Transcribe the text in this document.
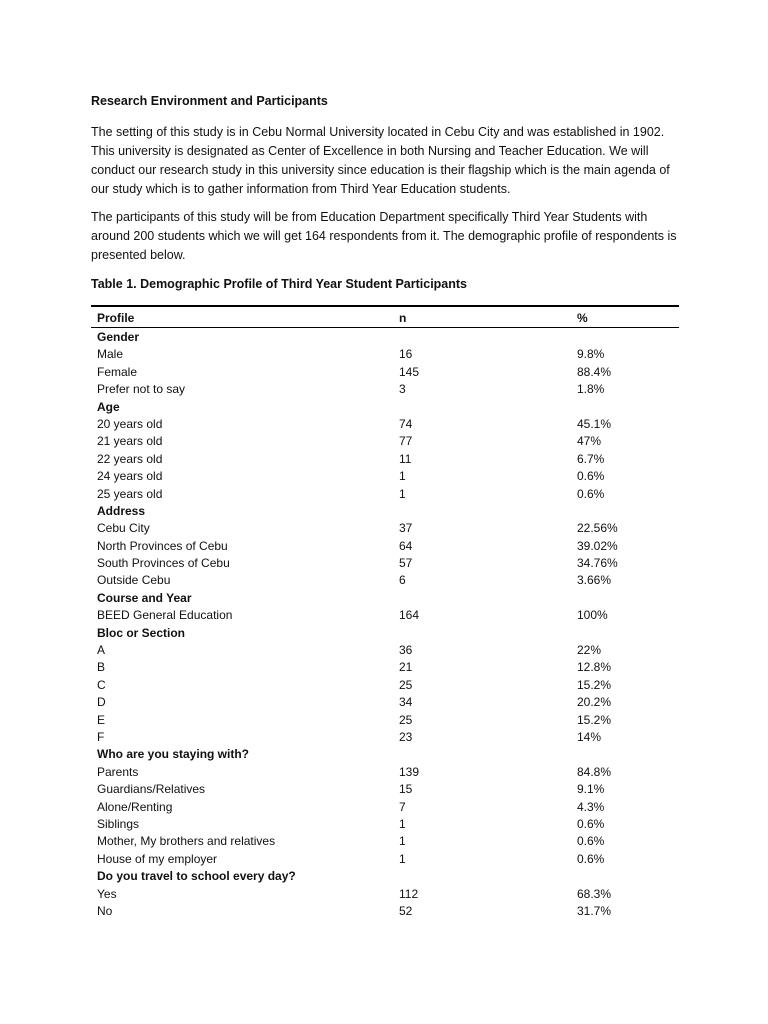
Research Environment and Participants
The setting of this study is in Cebu Normal University located in Cebu City and was established in 1902. This university is designated as Center of Excellence in both Nursing and Teacher Education. We will conduct our research study in this university since education is their flagship which is the main agenda of our study which is to gather information from Third Year Education students.
The participants of this study will be from Education Department specifically Third Year Students with around 200 students which we will get 164 respondents from it. The demographic profile of respondents is presented below.
Table 1. Demographic Profile of Third Year Student Participants
Profile	n	%
Gender
Male	16	9.8%
Female	145	88.4%
Prefer not to say	3	1.8%
Age
20 years old	74	45.1%
21 years old	77	47%
22 years old	11	6.7%
24 years old	1	0.6%
25 years old	1	0.6%
Address
Cebu City	37	22.56%
North Provinces of Cebu	64	39.02%
South Provinces of Cebu	57	34.76%
Outside Cebu	6	3.66%
Course and Year
BEED General Education	164	100%
Bloc or Section
A	36	22%
B	21	12.8%
C	25	15.2%
D	34	20.2%
E	25	15.2%
F	23	14%
Who are you staying with?
Parents	139	84.8%
Guardians/Relatives	15	9.1%
Alone/Renting	7	4.3%
Siblings	1	0.6%
Mother, My brothers and relatives	1	0.6%
House of my employer	1	0.6%
Do you travel to school every day?
Yes	112	68.3%
No	52	31.7%
